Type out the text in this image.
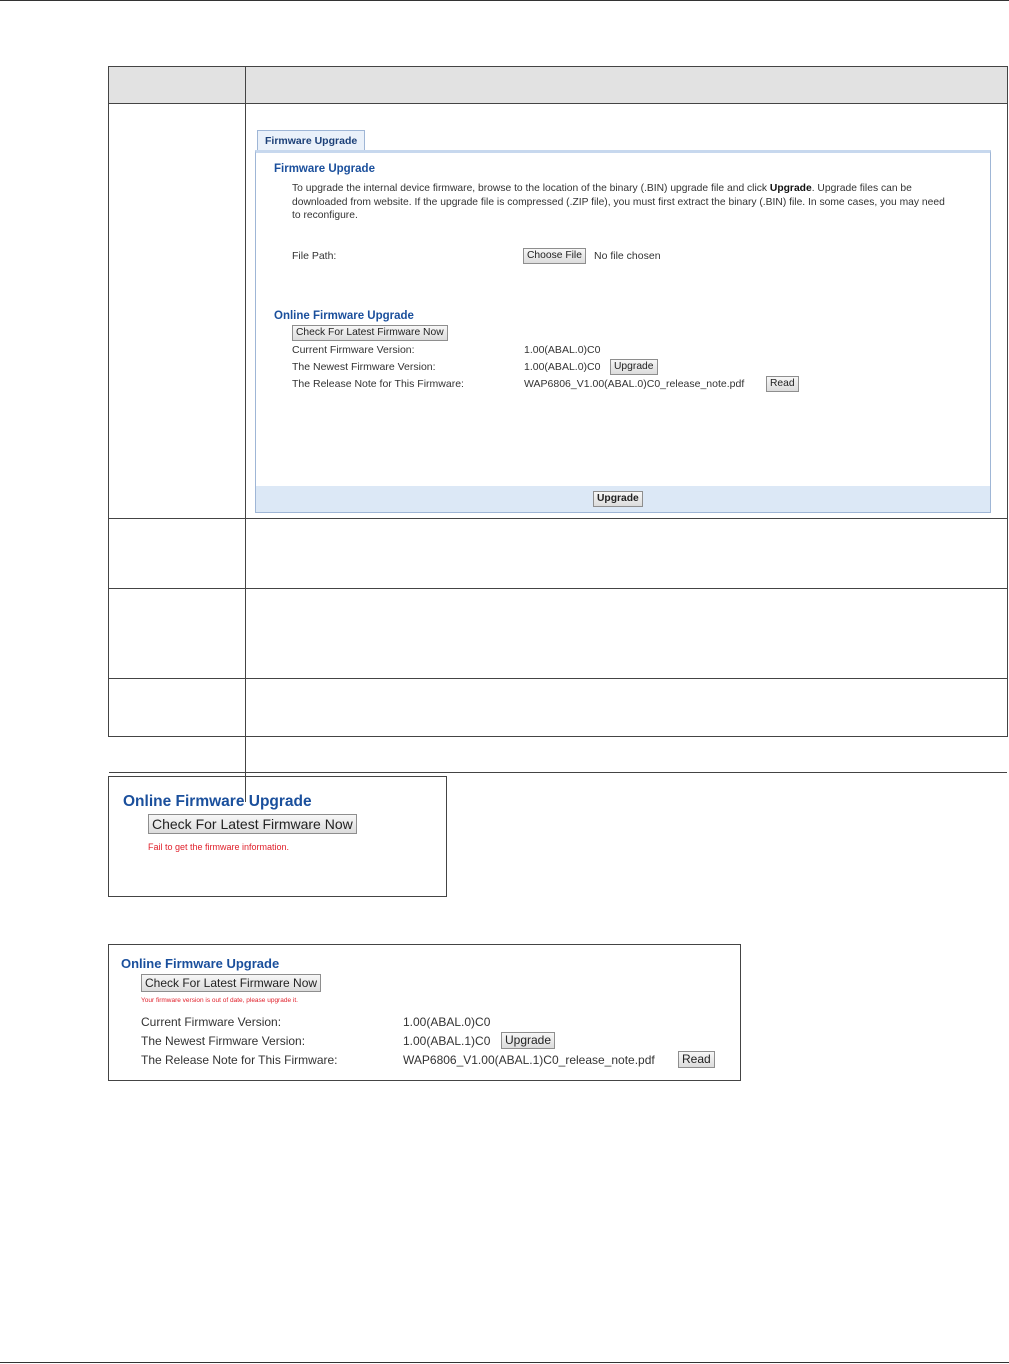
Firmware Upgrade
Firmware Upgrade
To upgrade the internal device firmware, browse to the location of the binary (.BIN) upgrade file and click Upgrade. Upgrade files can be downloaded from website. If the upgrade file is compressed (.ZIP file), you must first extract the binary (.BIN) file. In some cases, you may need to reconfigure.
File Path:	Choose File	No file chosen
Online Firmware Upgrade
Check For Latest Firmware Now
Current Firmware Version:	1.00(ABAL.0)C0
The Newest Firmware Version:	1.00(ABAL.0)C0	Upgrade
The Release Note for This Firmware:	WAP6806_V1.00(ABAL.0)C0_release_note.pdf	Read
Upgrade
Online Firmware Upgrade
Check For Latest Firmware Now
Fail to get the firmware information.
Online Firmware Upgrade
Check For Latest Firmware Now
Your firmware version is out of date, please upgrade it.
Current Firmware Version:	1.00(ABAL.0)C0
The Newest Firmware Version:	1.00(ABAL.1)C0	Upgrade
The Release Note for This Firmware:	WAP6806_V1.00(ABAL.1)C0_release_note.pdf	Read
